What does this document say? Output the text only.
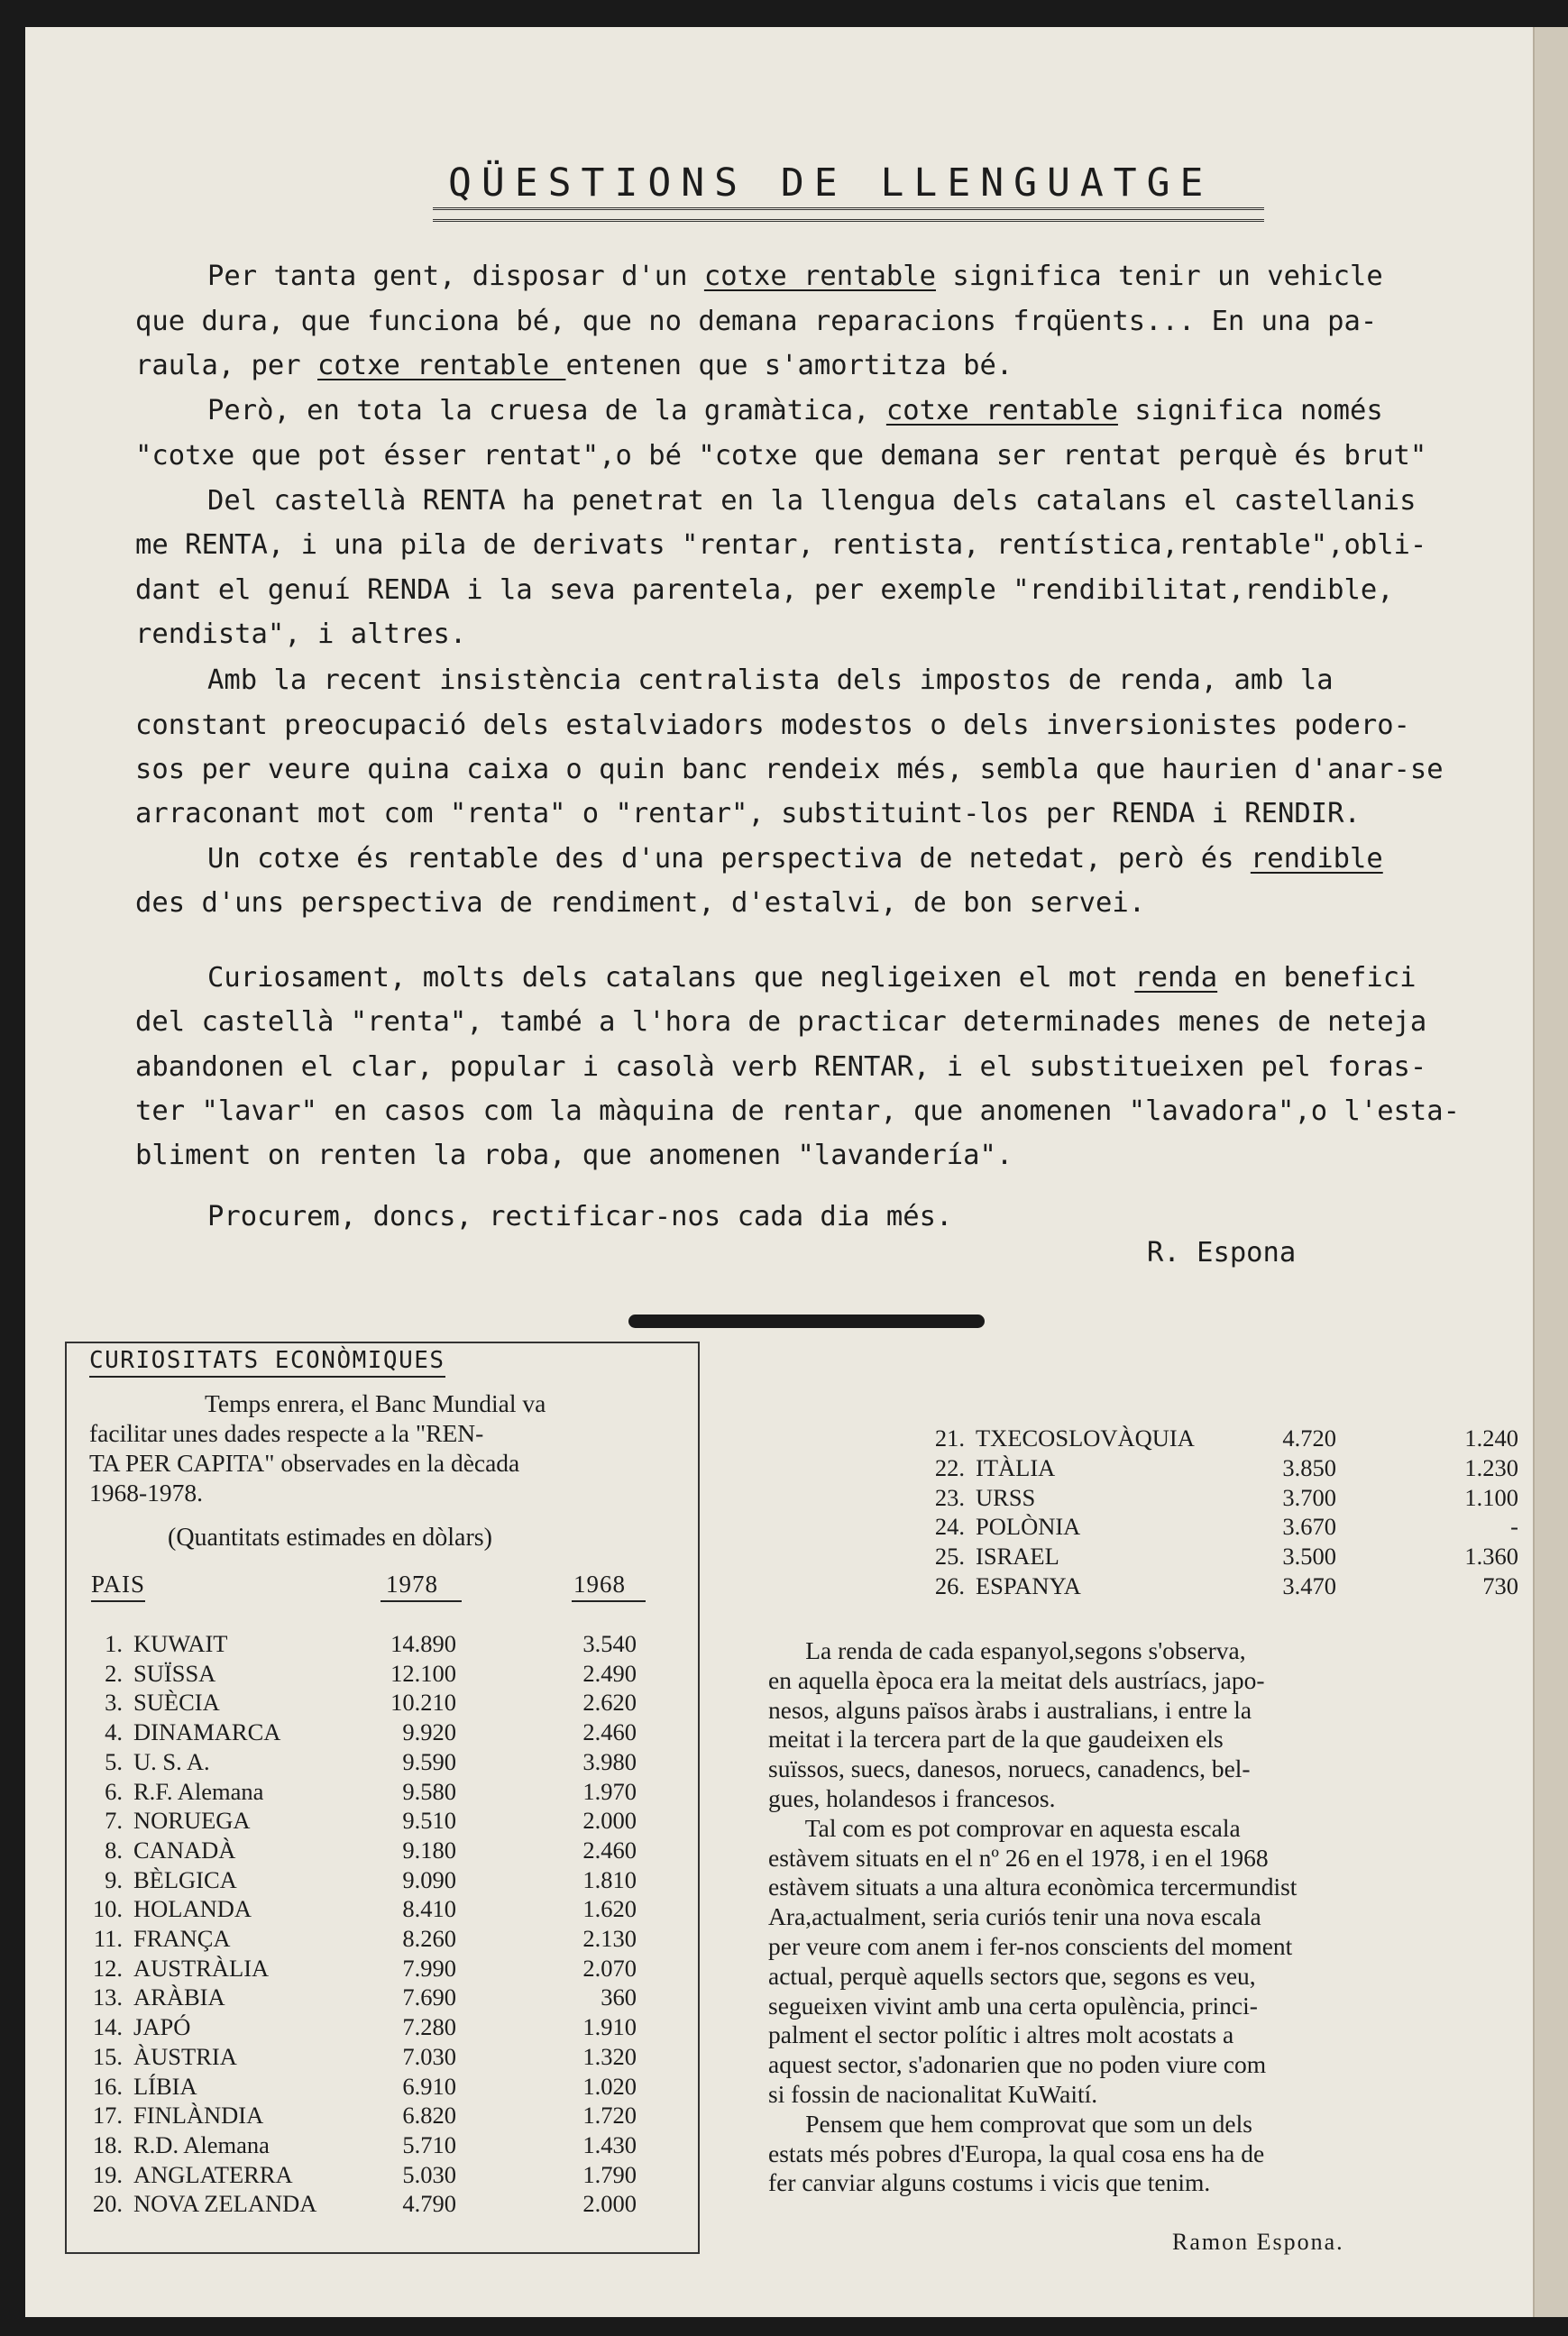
QÜESTIONS DE LLENGUATGE
Per tanta gent, disposar d'un cotxe rentable significa tenir un vehicle
que dura, que funciona bé, que no demana reparacions frqüents... En una pa-
raula, per cotxe rentable entenen que s'amortitza bé.
Però, en tota la cruesa de la gramàtica, cotxe rentable significa només
"cotxe que pot ésser rentat",o bé "cotxe que demana ser rentat perquè és brut"
Del castellà RENTA ha penetrat en la llengua dels catalans el castellanis
me RENTA, i una pila de derivats "rentar, rentista, rentística,rentable",obli-
dant el genuí RENDA i la seva parentela, per exemple "rendibilitat,rendible,
rendista", i altres.
Amb la recent insistència centralista dels impostos de renda, amb la
constant preocupació dels estalviadors modestos o dels inversionistes podero-
sos per veure quina caixa o quin banc rendeix més, sembla que haurien d'anar-se
arraconant mot com "renta" o "rentar", substituint-los per RENDA i RENDIR.
Un cotxe és rentable des d'una perspectiva de netedat, però és rendible
des d'uns perspectiva de rendiment, d'estalvi, de bon servei.
Curiosament, molts dels catalans que negligeixen el mot renda en benefici
del castellà "renta", també a l'hora de practicar determinades menes de neteja
abandonen el clar, popular i casolà verb RENTAR, i el substitueixen pel foras-
ter "lavar" en casos com la màquina de rentar, que anomenen "lavadora",o l'esta-
bliment on renten la roba, que anomenen "lavandería".
Procurem, doncs, rectificar-nos cada dia més.
R. Espona
CURIOSITATS ECONÒMIQUES
Temps enrera, el Banc Mundial va
facilitar unes dades respecte a la "REN-
TA PER CAPITA" observades en la dècada
1968-1978.
(Quantitats estimades en dòlars)
PAIS	1978	1968
1. KUWAIT	14.890	3.540
2. SUÏSSA	12.100	2.490
3. SUÈCIA	10.210	2.620
4. DINAMARCA	9.920	2.460
5. U. S. A.	9.590	3.980
6. R.F. Alemana	9.580	1.970
7. NORUEGA	9.510	2.000
8. CANADÀ	9.180	2.460
9. BÈLGICA	9.090	1.810
10. HOLANDA	8.410	1.620
11. FRANÇA	8.260	2.130
12. AUSTRÀLIA	7.990	2.070
13. ARÀBIA	7.690	360
14. JAPÓ	7.280	1.910
15. ÀUSTRIA	7.030	1.320
16. LÍBIA	6.910	1.020
17. FINLÀNDIA	6.820	1.720
18. R.D. Alemana	5.710	1.430
19. ANGLATERRA	5.030	1.790
20. NOVA ZELANDA	4.790	2.000
21. TXECOSLOVÀQUIA	4.720	1.240
22. ITÀLIA	3.850	1.230
23. URSS	3.700	1.100
24. POLÒNIA	3.670	-
25. ISRAEL	3.500	1.360
26. ESPANYA	3.470	730
La renda de cada espanyol,segons s'observa,
en aquella època era la meitat dels austríacs, japo-
nesos, alguns països àrabs i australians, i entre la
meitat i la tercera part de la que gaudeixen els
suïssos, suecs, danesos, noruecs, canadencs, bel-
gues, holandesos i francesos.
Tal com es pot comprovar en aquesta escala
estàvem situats en el nº 26 en el 1978, i en el 1968
estàvem situats a una altura econòmica tercermundist
Ara,actualment, seria curiós tenir una nova escala
per veure com anem i fer-nos conscients del moment
actual, perquè aquells sectors que, segons es veu,
segueixen vivint amb una certa opulència, princi-
palment el sector polític i altres molt acostats a
aquest sector, s'adonarien que no poden viure com
si fossin de nacionalitat KuWaití.
Pensem que hem comprovat que som un dels
estats més pobres d'Europa, la qual cosa ens ha de
fer canviar alguns costums i vicis que tenim.
Ramon Espona.
